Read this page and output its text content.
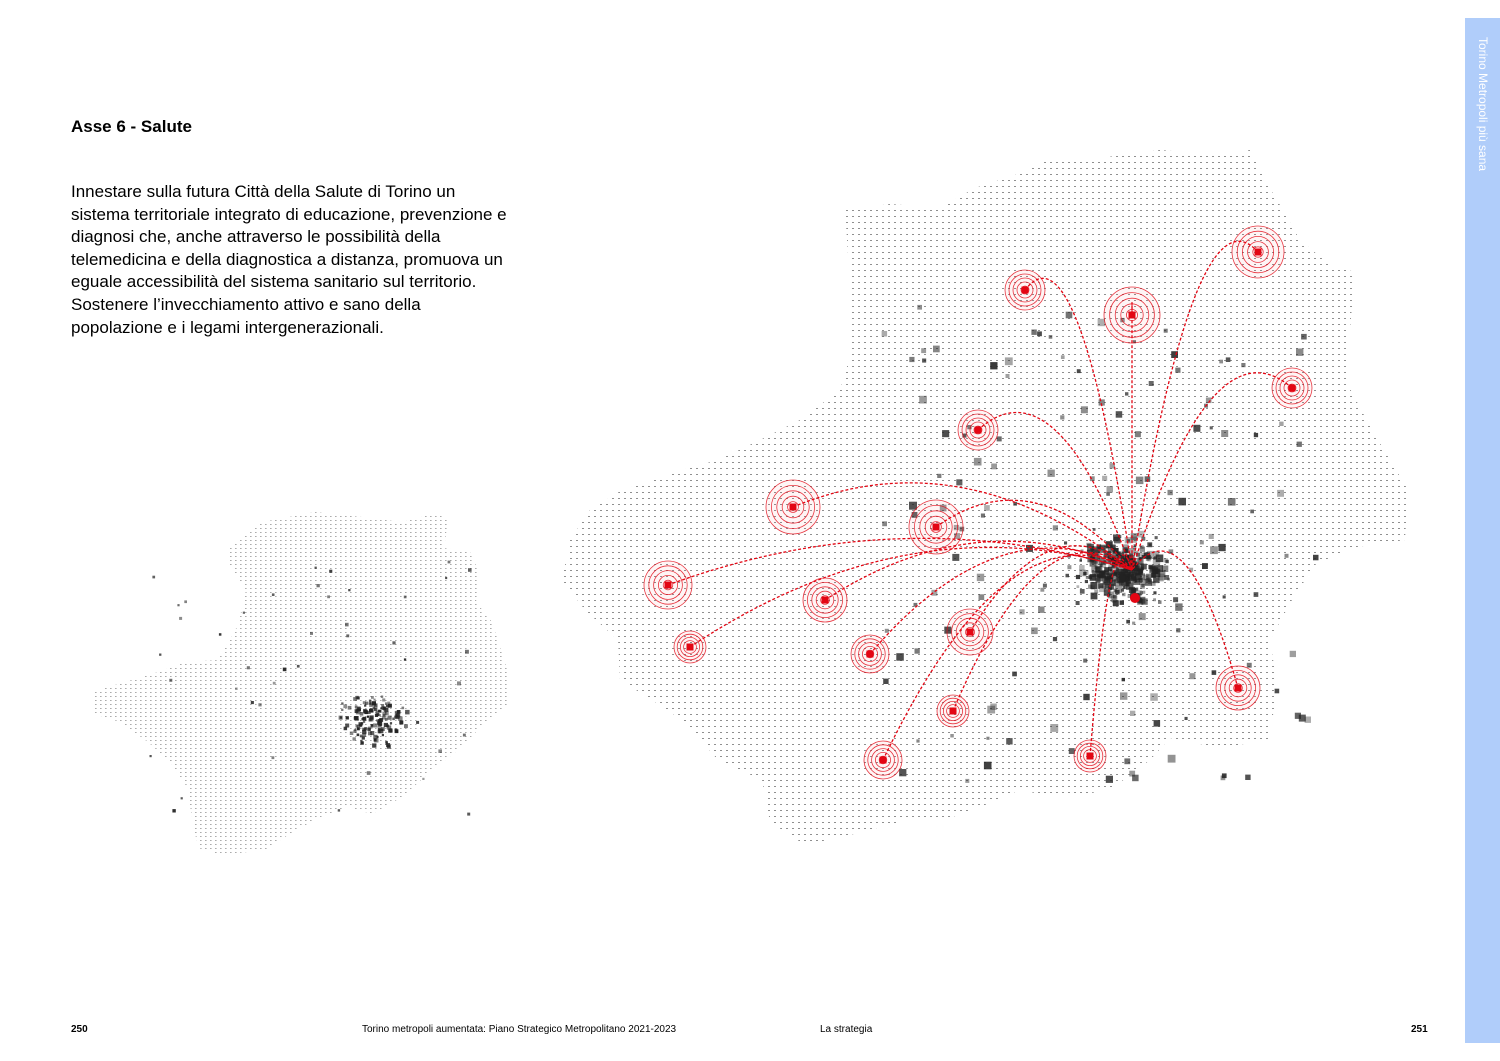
Asse 6 - Salute

Innestare sulla futura Città della Salute di Torino un sistema territoriale integrato di educazione, prevenzione e diagnosi che, anche attraverso le possibilità della telemedicina e della diagnostica a distanza, promuova un eguale accessibilità del sistema sanitario sul territorio. Sostenere l’invecchiamento attivo e sano della popolazione e i legami intergenerazionali.

Torino Metropoli più sana
250	Torino metropoli aumentata: Piano Strategico Metropolitano 2021-2023	La strategia	251
